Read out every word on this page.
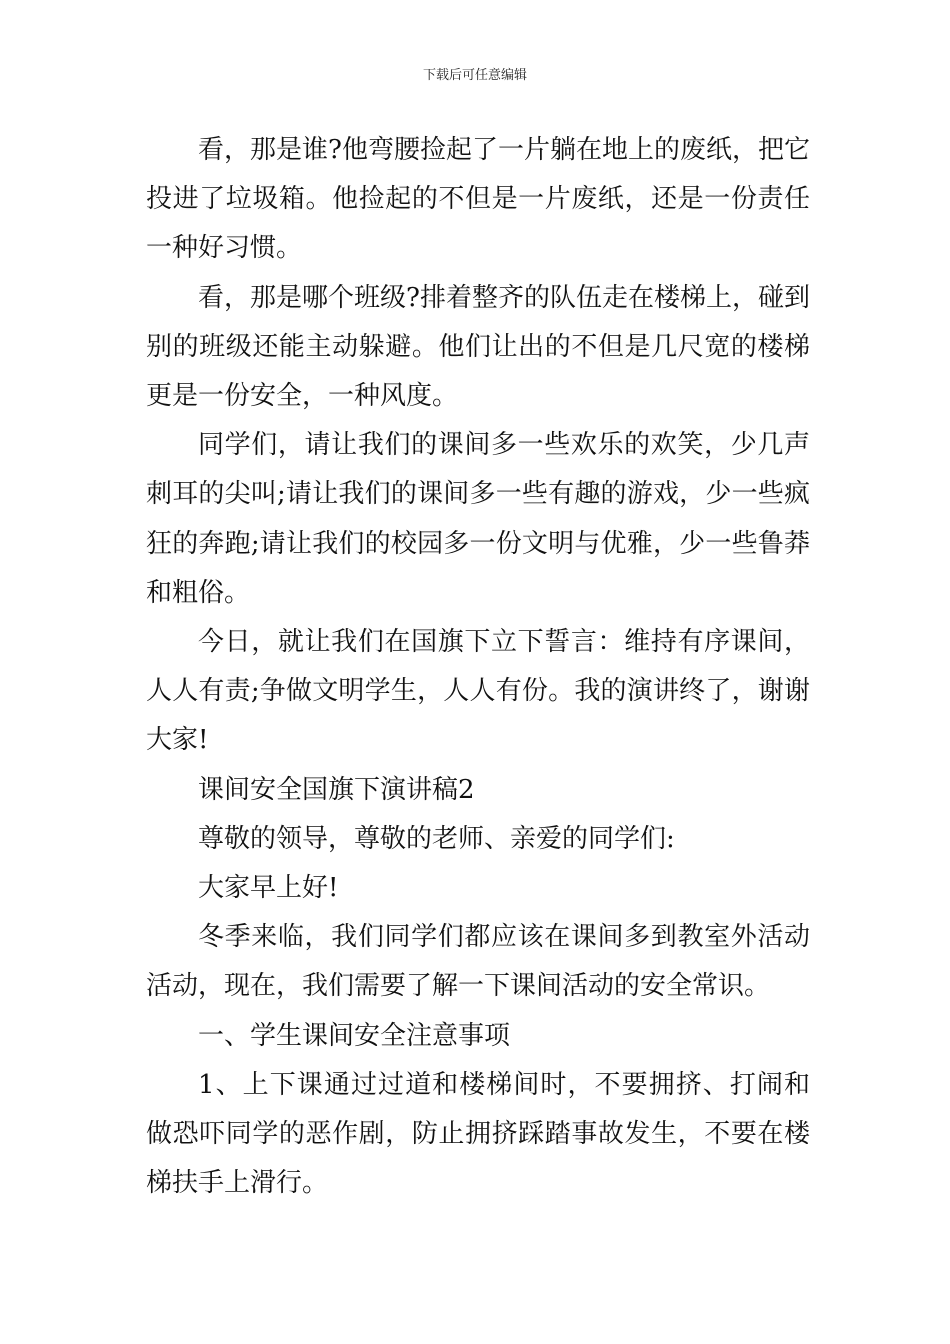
下载后可任意编辑

看，那是谁?他弯腰捡起了一片躺在地上的废纸，把它投进了垃圾箱。他捡起的不但是一片废纸，还是一份责任一种好习惯。

看，那是哪个班级?排着整齐的队伍走在楼梯上，碰到别的班级还能主动躲避。他们让出的不但是几尺宽的楼梯更是一份安全，一种风度。

同学们，请让我们的课间多一些欢乐的欢笑，少几声刺耳的尖叫;请让我们的课间多一些有趣的游戏，少一些疯狂的奔跑;请让我们的校园多一份文明与优雅，少一些鲁莽和粗俗。

今日，就让我们在国旗下立下誓言：维持有序课间，人人有责;争做文明学生，人人有份。我的演讲终了，谢谢大家!

课间安全国旗下演讲稿2

尊敬的领导，尊敬的老师、亲爱的同学们:

大家早上好!

冬季来临，我们同学们都应该在课间多到教室外活动活动，现在，我们需要了解一下课间活动的安全常识。

一、学生课间安全注意事项

1、上下课通过过道和楼梯间时，不要拥挤、打闹和做恐吓同学的恶作剧，防止拥挤踩踏事故发生，不要在楼梯扶手上滑行。
